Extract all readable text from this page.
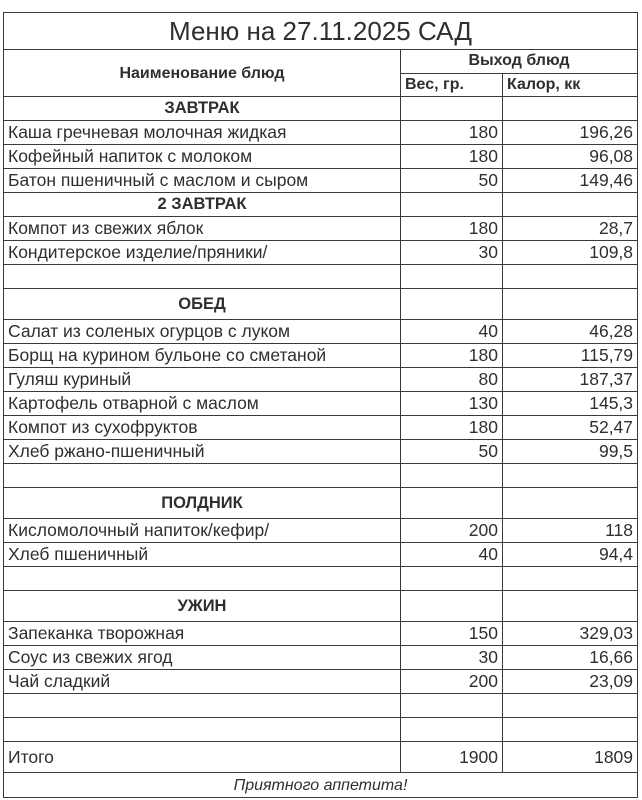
Меню на 27.11.2025 САД		
Наименование блюд	Выход блюд	
	Вес, гр.	Калор, кк
ЗАВТРАК		
Каша гречневая молочная жидкая	180	196,26
Кофейный напиток с молоком	180	96,08
Батон пшеничный с маслом и сыром	50	149,46
2 ЗАВТРАК		
Компот из свежих яблок	180	28,7
Кондитерское изделие/пряники/	30	109,8

ОБЕД		
Салат из соленых огурцов с луком	40	46,28
Борщ на курином бульоне со сметаной	180	115,79
Гуляш куриный	80	187,37
Картофель отварной с маслом	130	145,3
Компот из сухофруктов	180	52,47
Хлеб ржано-пшеничный	50	99,5

ПОЛДНИК		
Кисломолочный напиток/кефир/	200	118
Хлеб пшеничный	40	94,4

УЖИН		
Запеканка творожная	150	329,03
Соус из свежих ягод	30	16,66
Чай сладкий	200	23,09

Итого	1900	1809
Приятного аппетита!		
